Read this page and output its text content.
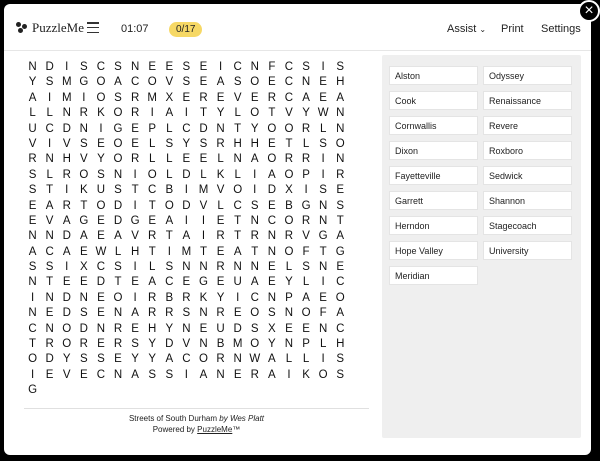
PuzzleMe	01:07	0/17	Assist ⌄ Print Settings
N D I	S C S N E E S E	I C N F C S	I	S
Y S M G O A C O V S E A S O E C N E H
A	I M I O S R M X E R E V E R C A E A
L L N R K O R I	A	I	T Y L O T V Y W N
U C D N I G E P L C D N T Y O O R L N
V	I	V S E O E L S Y S R H H E T L S O
R N H V Y O R L L E E L N A O R R I N
S L R O S N I O L D L K L	I	A O P	I R
S T	I	K U S T C B	I M V O I D X	I	S E
E A R T O D I	T O D V L C S E B G N S
E V A G E D G E A	I	I	E T N C O R N T
N N D A E A V R T A	I R T R N R V G A
A C A E W L H T	I M T E A T N O F T G
S S	I	X C S	I	L S N N R N N E L S N E
N T E E D T E A C E G E U A E Y L	I C
I N D N E O I R B R K Y	I C N P A E O
N E D S E N A R R S N R E O S N O F A
C N O D N R E H Y N E U D S X E E N C
T R O R E R S Y D V N B M O Y N P L H
O D Y S S E Y Y A C O R N W A L L	I	S
I	E V E C N A S S	I	A N E R A	I	K O S
G
Streets of South Durham by Wes Platt
Powered by PuzzleMe™
Alston	Odyssey
Cook	Renaissance
Cornwallis	Revere
Dixon	Roxboro
Fayetteville	Sedwick
Garrett	Shannon
Herndon	Stagecoach
Hope Valley	University
Meridian
×
